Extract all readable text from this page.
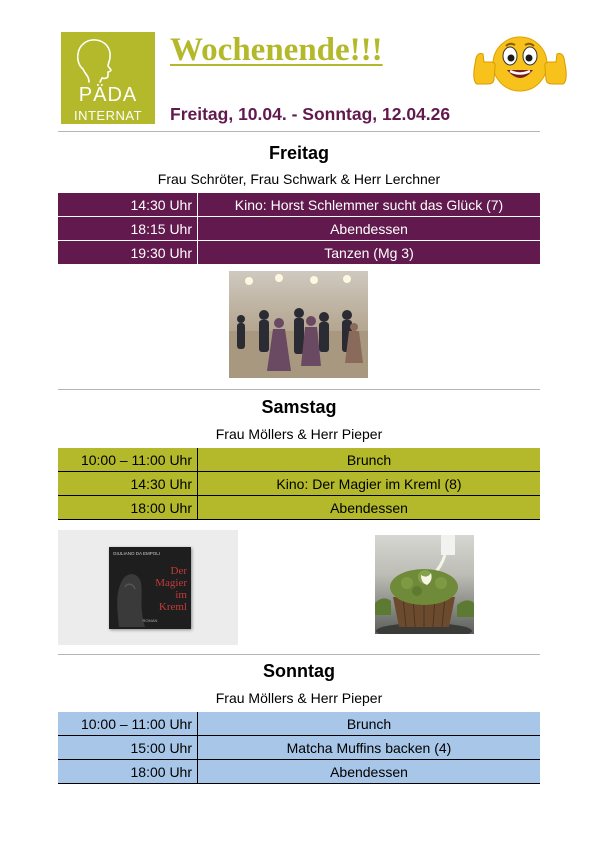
PÄDA
INTERNAT
Wochenende!!!
Freitag, 10.04. - Sonntag, 12.04.26
Freitag
Frau Schröter, Frau Schwark & Herr Lerchner
14:30 Uhr	Kino: Horst Schlemmer sucht das Glück (7)
18:15 Uhr	Abendessen
19:30 Uhr	Tanzen (Mg 3)
Samstag
Frau Möllers & Herr Pieper
10:00 – 11:00 Uhr	Brunch
14:30 Uhr	Kino: Der Magier im Kreml (8)
18:00 Uhr	Abendessen
GIULIANO DA EMPOLI
Der Magier im Kreml
ROMAN
Sonntag
Frau Möllers & Herr Pieper
10:00 – 11:00 Uhr	Brunch
15:00 Uhr	Matcha Muffins backen (4)
18:00 Uhr	Abendessen
